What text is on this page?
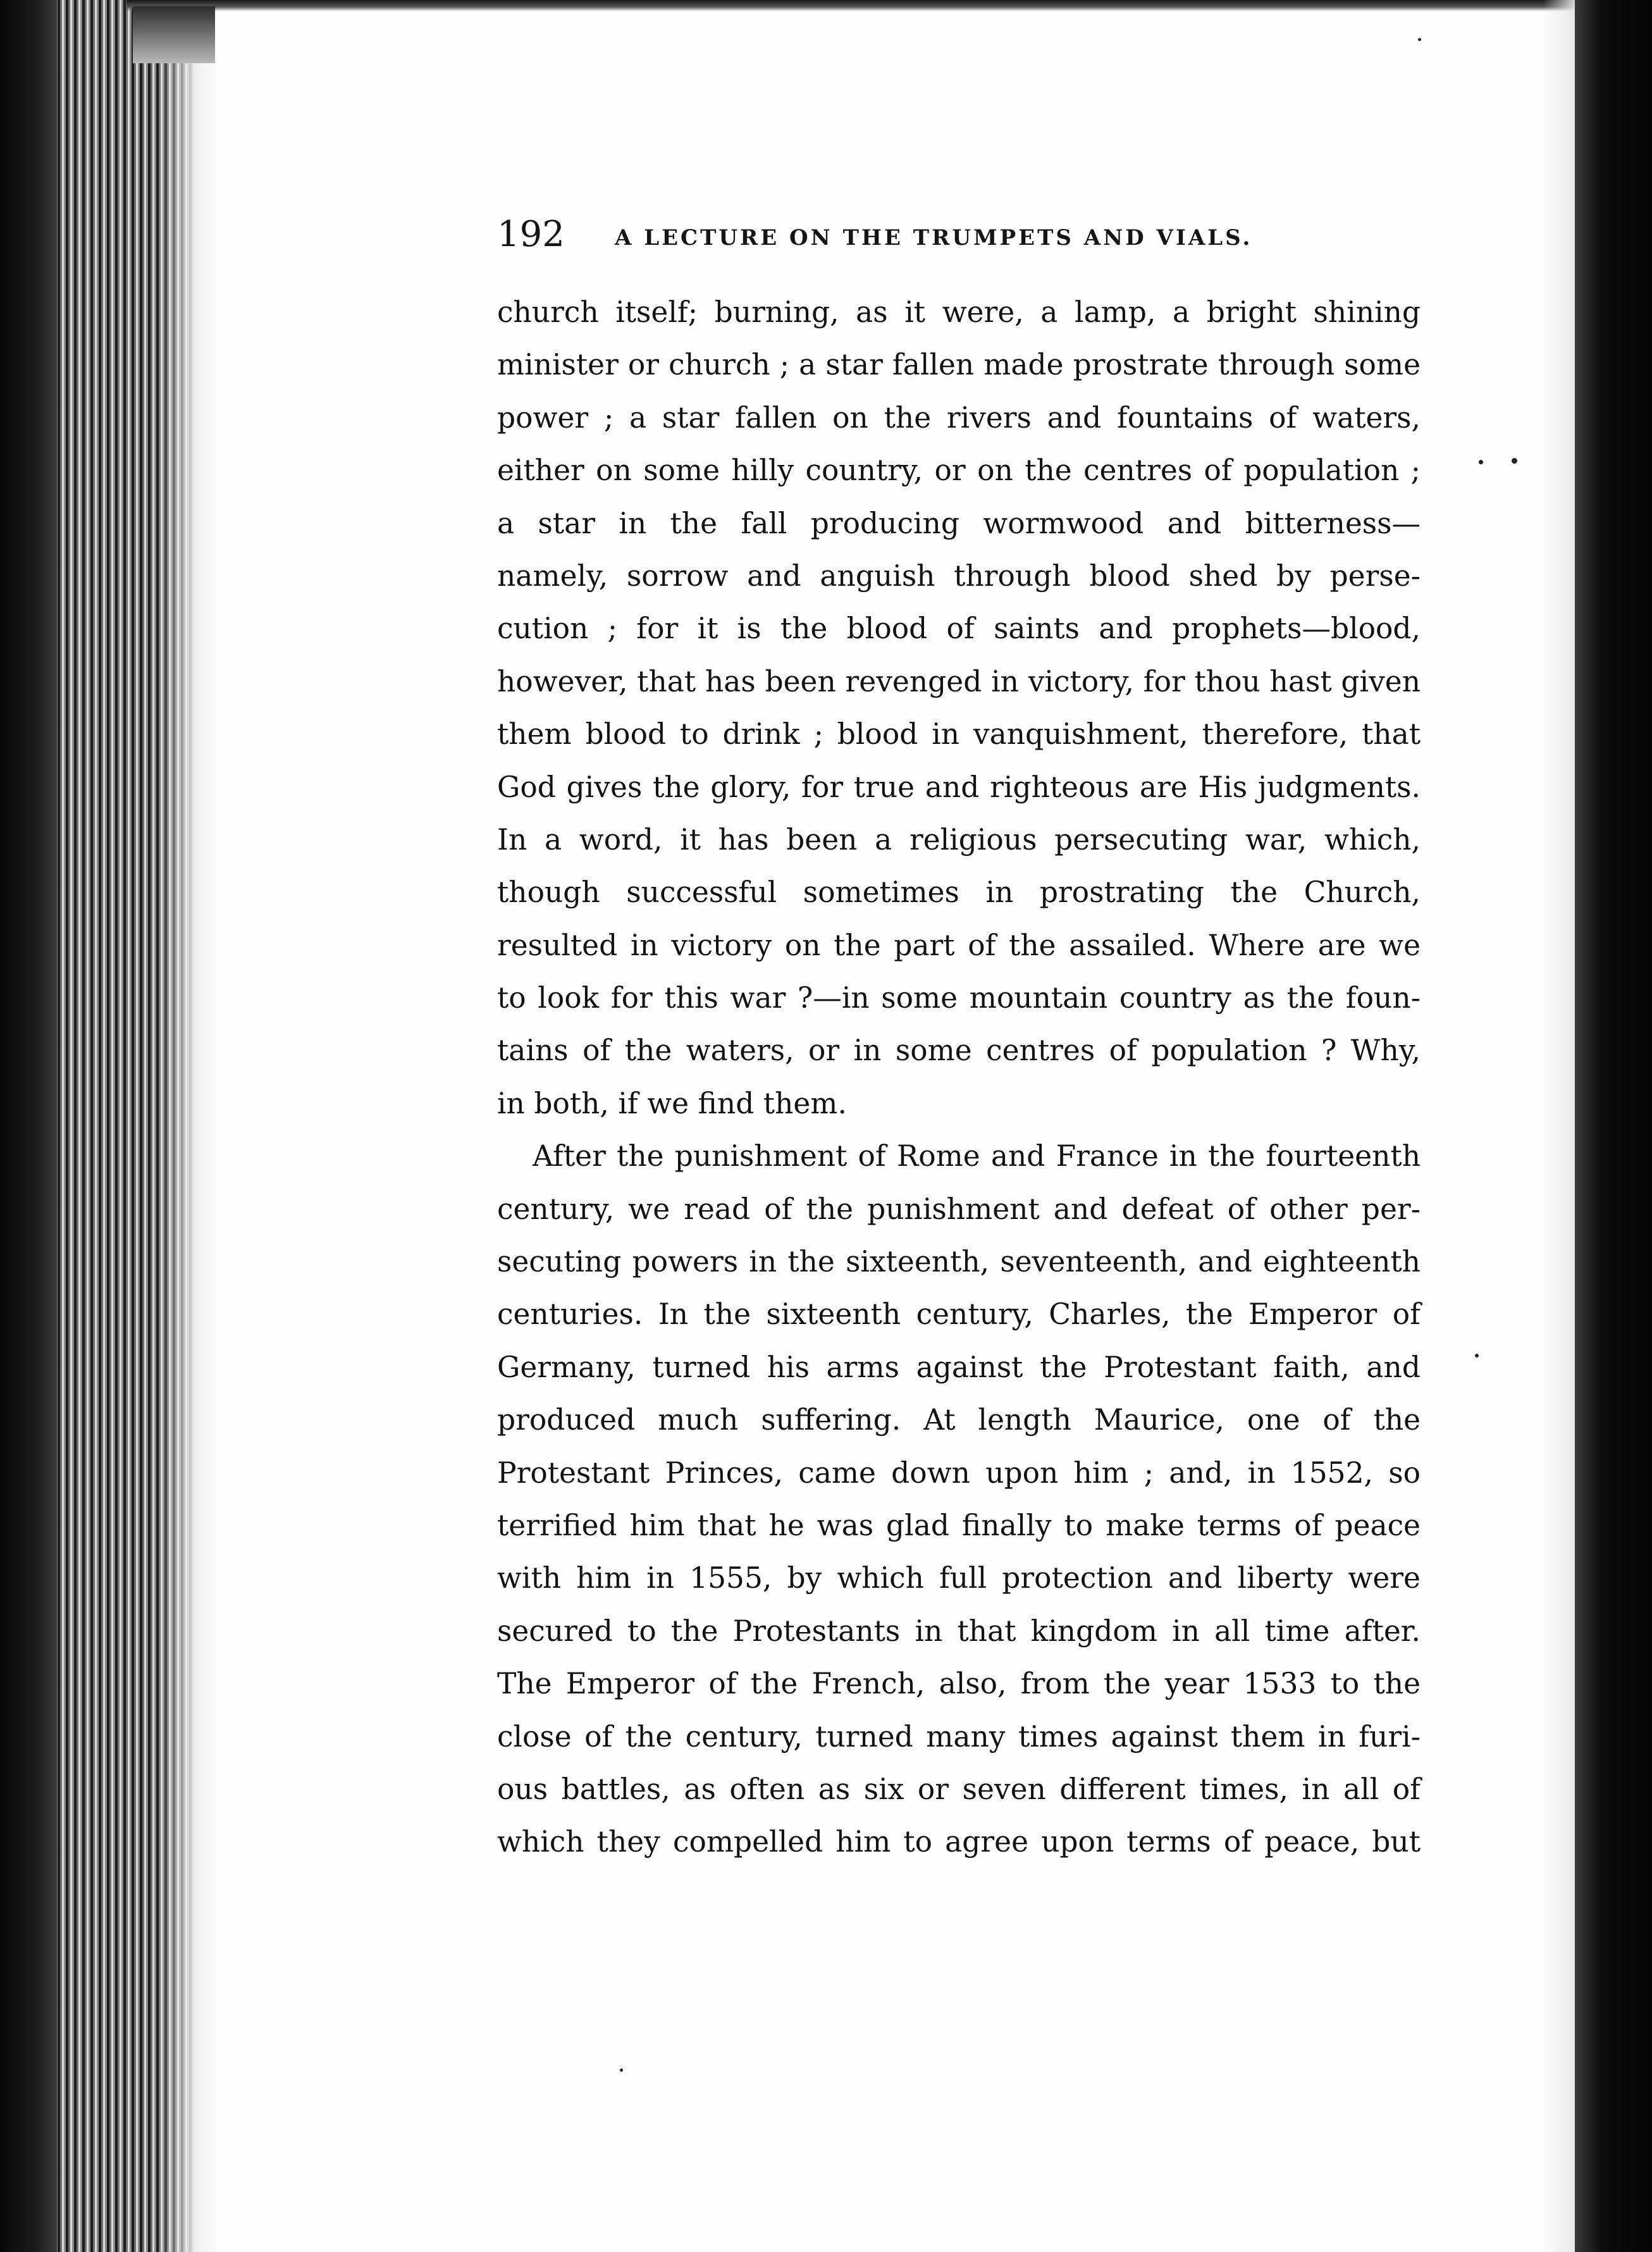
192 A LECTURE ON THE TRUMPETS AND VIALS.
church itself; burning, as it were, a lamp, a bright shining
minister or church ; a star fallen made prostrate through some
power ; a star fallen on the rivers and fountains of waters,
either on some hilly country, or on the centres of population ;
a star in the fall producing wormwood and bitterness—
namely, sorrow and anguish through blood shed by perse-
cution ; for it is the blood of saints and prophets—blood,
however, that has been revenged in victory, for thou hast given
them blood to drink ; blood in vanquishment, therefore, that
God gives the glory, for true and righteous are His judgments.
In a word, it has been a religious persecuting war, which,
though successful sometimes in prostrating the Church,
resulted in victory on the part of the assailed. Where are we
to look for this war ?—in some mountain country as the foun-
tains of the waters, or in some centres of population ? Why,
in both, if we find them.
After the punishment of Rome and France in the fourteenth
century, we read of the punishment and defeat of other per-
secuting powers in the sixteenth, seventeenth, and eighteenth
centuries. In the sixteenth century, Charles, the Emperor of
Germany, turned his arms against the Protestant faith, and
produced much suffering. At length Maurice, one of the
Protestant Princes, came down upon him ; and, in 1552, so
terrified him that he was glad finally to make terms of peace
with him in 1555, by which full protection and liberty were
secured to the Protestants in that kingdom in all time after.
The Emperor of the French, also, from the year 1533 to the
close of the century, turned many times against them in furi-
ous battles, as often as six or seven different times, in all of
which they compelled him to agree upon terms of peace, but
